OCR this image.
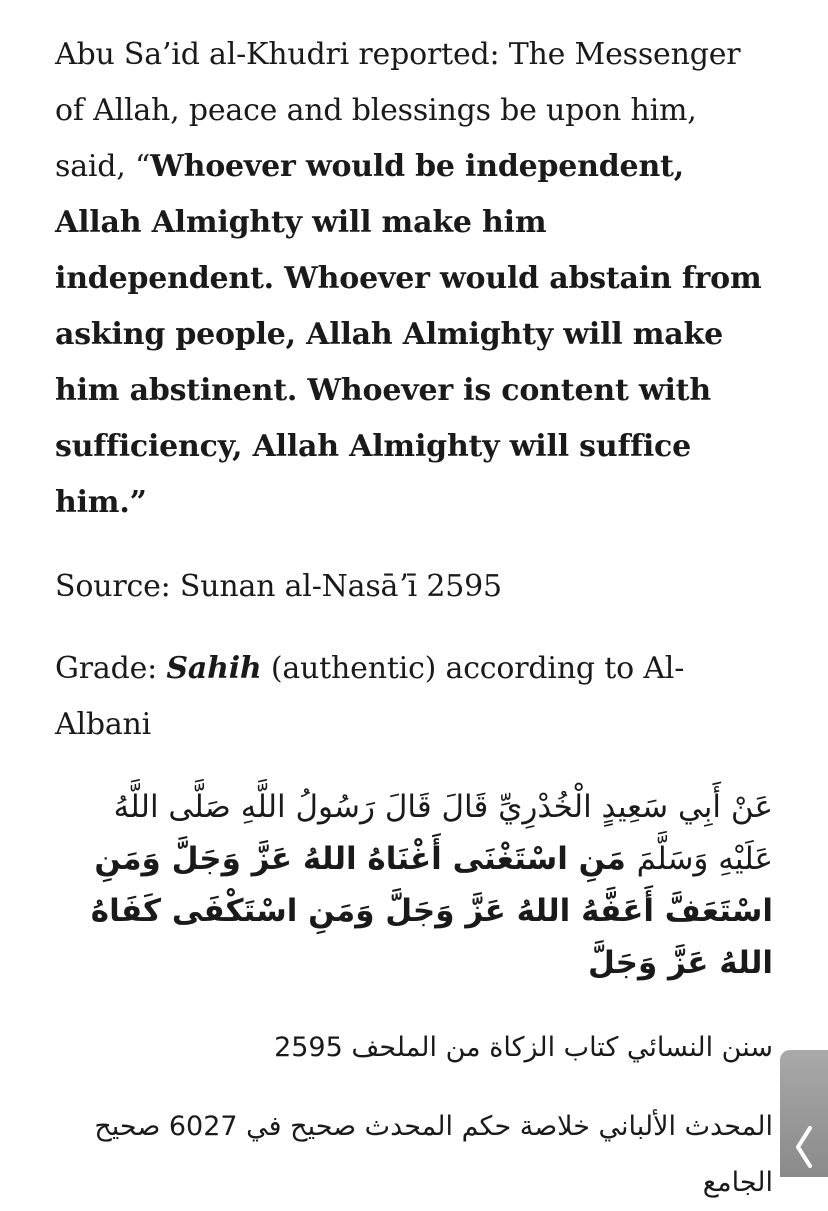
Abu Sa’id al-Khudri reported: The Messenger of Allah, peace and blessings be upon him, said, “Whoever would be independent, Allah Almighty will make him independent. Whoever would abstain from asking people, Allah Almighty will make him abstinent. Whoever is content with sufficiency, Allah Almighty will suffice him.”

Source: Sunan al-Nasāʼī 2595

Grade: Sahih (authentic) according to Al-Albani

عَنْ أَبِي سَعِيدٍ الْخُدْرِيِّ قَالَ قَالَ رَسُولُ اللَّهِ صَلَّى اللَّهُ عَلَيْهِ وَسَلَّمَ مَنِ اسْتَغْنَى أَغْنَاهُ اللهُ عَزَّ وَجَلَّ وَمَنِ اسْتَعَفَّ أَعَفَّهُ اللهُ عَزَّ وَجَلَّ وَمَنِ اسْتَكْفَى كَفَاهُ اللهُ عَزَّ وَجَلَّ

سنن النسائي كتاب الزكاة من الملحف 2595

المحدث الألباني خلاصة حكم المحدث صحيح في 6027 صحيح الجامع
